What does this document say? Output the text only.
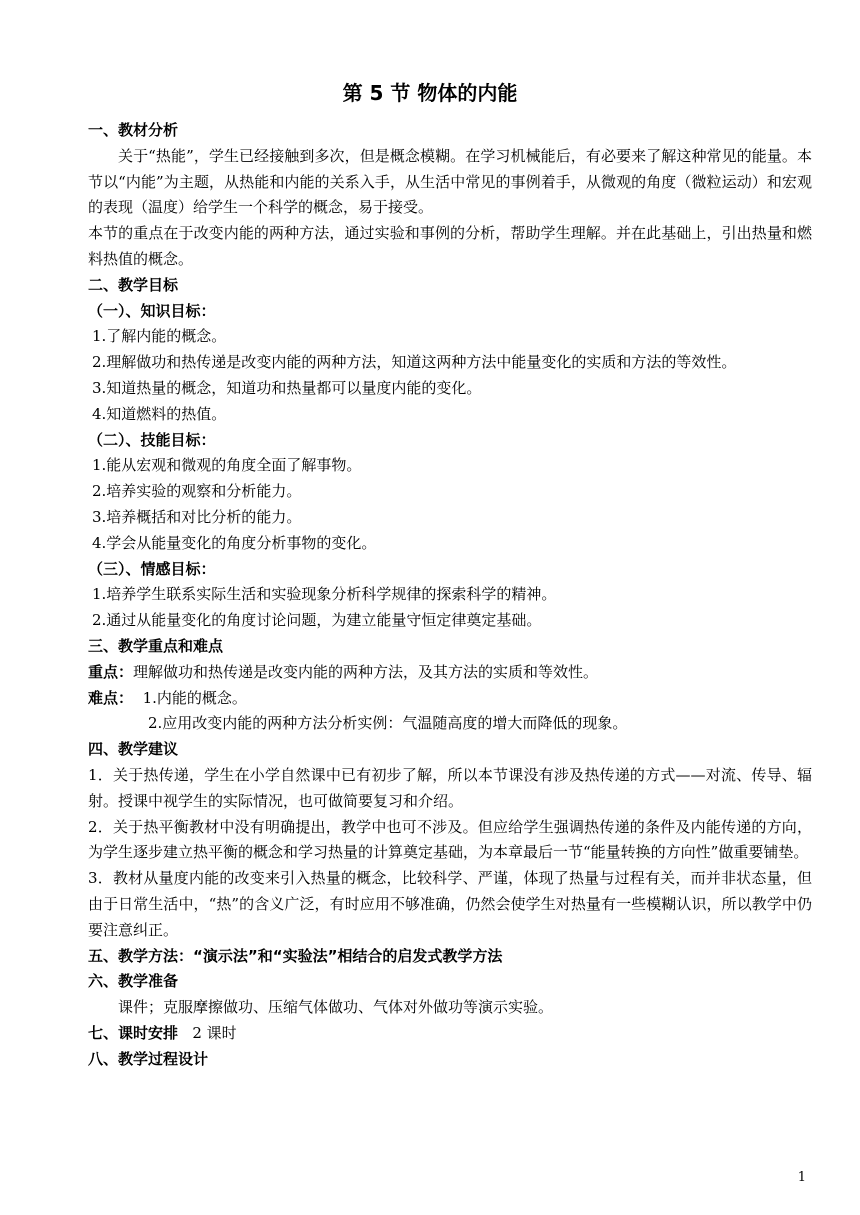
第 5 节 物体的内能

一、教材分析

关于“热能”，学生已经接触到多次，但是概念模糊。在学习机械能后，有必要来了解这种常见的能量。本节以“内能”为主题，从热能和内能的关系入手，从生活中常见的事例着手，从微观的角度（微粒运动）和宏观的表现（温度）给学生一个科学的概念，易于接受。

本节的重点在于改变内能的两种方法，通过实验和事例的分析，帮助学生理解。并在此基础上，引出热量和燃料热值的概念。

二、教学目标

（一）、知识目标：

1.了解内能的概念。

2.理解做功和热传递是改变内能的两种方法，知道这两种方法中能量变化的实质和方法的等效性。

3.知道热量的概念，知道功和热量都可以量度内能的变化。

4.知道燃料的热值。

（二）、技能目标：

1.能从宏观和微观的角度全面了解事物。

2.培养实验的观察和分析能力。

3.培养概括和对比分析的能力。

4.学会从能量变化的角度分析事物的变化。

（三）、情感目标：

1.培养学生联系实际生活和实验现象分析科学规律的探索科学的精神。

2.通过从能量变化的角度讨论问题，为建立能量守恒定律奠定基础。

三、教学重点和难点

重点：理解做功和热传递是改变内能的两种方法，及其方法的实质和等效性。

难点： 1.内能的概念。

2.应用改变内能的两种方法分析实例：气温随高度的增大而降低的现象。

四、教学建议

1．关于热传递，学生在小学自然课中已有初步了解，所以本节课没有涉及热传递的方式——对流、传导、辐射。授课中视学生的实际情况，也可做简要复习和介绍。

2．关于热平衡教材中没有明确提出，教学中也可不涉及。但应给学生强调热传递的条件及内能传递的方向，为学生逐步建立热平衡的概念和学习热量的计算奠定基础，为本章最后一节“能量转换的方向性”做重要铺垫。

3．教材从量度内能的改变来引入热量的概念，比较科学、严谨，体现了热量与过程有关，而并非状态量，但由于日常生活中，“热”的含义广泛，有时应用不够准确，仍然会使学生对热量有一些模糊认识，所以教学中仍要注意纠正。

五、教学方法：“演示法”和“实验法”相结合的启发式教学方法

六、教学准备

课件；克服摩擦做功、压缩气体做功、气体对外做功等演示实验。

七、课时安排 2 课时

八、教学过程设计

1
